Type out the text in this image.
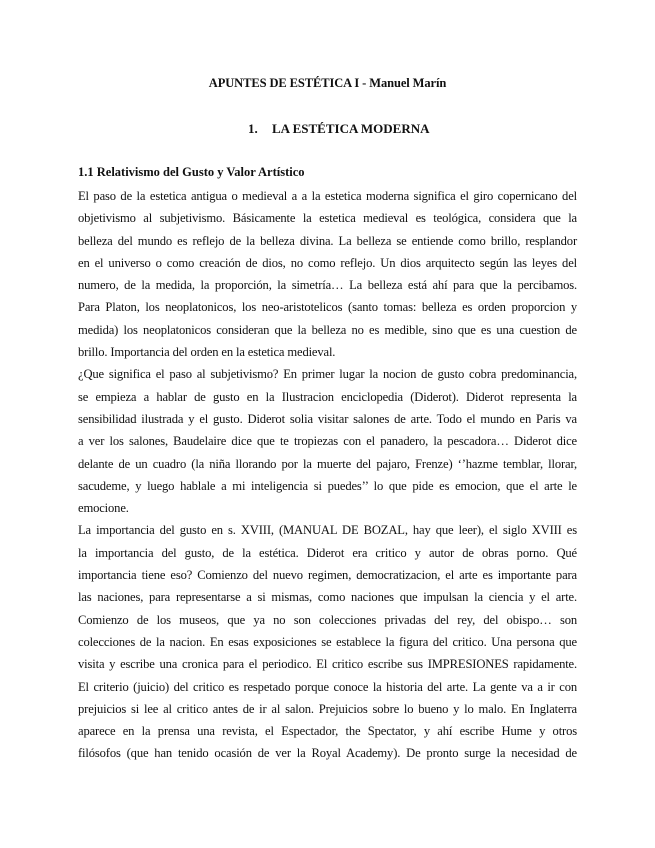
APUNTES DE ESTÉTICA I - Manuel Marín
1. LA ESTÉTICA MODERNA
1.1 Relativismo del Gusto y Valor Artístico
El paso de la estetica antigua o medieval a a la estetica moderna significa el giro copernicano del
objetivismo al subjetivismo. Básicamente la estetica medieval es teológica, considera que la
belleza del mundo es reflejo de la belleza divina. La belleza se entiende como brillo, resplandor
en el universo o como creación de dios, no como reflejo. Un dios arquitecto según las leyes del
numero, de la medida, la proporción, la simetría… La belleza está ahí para que la percibamos.
Para Platon, los neoplatonicos, los neo-aristotelicos (santo tomas: belleza es orden proporcion y
medida) los neoplatonicos consideran que la belleza no es medible, sino que es una cuestion de
brillo. Importancia del orden en la estetica medieval.
¿Que significa el paso al subjetivismo? En primer lugar la nocion de gusto cobra predominancia,
se empieza a hablar de gusto en la Ilustracion enciclopedia (Diderot). Diderot representa la
sensibilidad ilustrada y el gusto. Diderot solia visitar salones de arte. Todo el mundo en Paris va
a ver los salones, Baudelaire dice que te tropiezas con el panadero, la pescadora… Diderot dice
delante de un cuadro (la niña llorando por la muerte del pajaro, Frenze) ‘’hazme temblar, llorar,
sacudeme, y luego hablale a mi inteligencia si puedes’’ lo que pide es emocion, que el arte le
emocione.
La importancia del gusto en s. XVIII, (MANUAL DE BOZAL, hay que leer), el siglo XVIII es
la importancia del gusto, de la estética. Diderot era critico y autor de obras porno. Qué
importancia tiene eso? Comienzo del nuevo regimen, democratizacion, el arte es importante para
las naciones, para representarse a si mismas, como naciones que impulsan la ciencia y el arte.
Comienzo de los museos, que ya no son colecciones privadas del rey, del obispo… son
colecciones de la nacion. En esas exposiciones se establece la figura del critico. Una persona que
visita y escribe una cronica para el periodico. El critico escribe sus IMPRESIONES rapidamente.
El criterio (juicio) del critico es respetado porque conoce la historia del arte. La gente va a ir con
prejuicios si lee al critico antes de ir al salon. Prejuicios sobre lo bueno y lo malo. En Inglaterra
aparece en la prensa una revista, el Espectador, the Spectator, y ahí escribe Hume y otros
filósofos (que han tenido ocasión de ver la Royal Academy). De pronto surge la necesidad de
